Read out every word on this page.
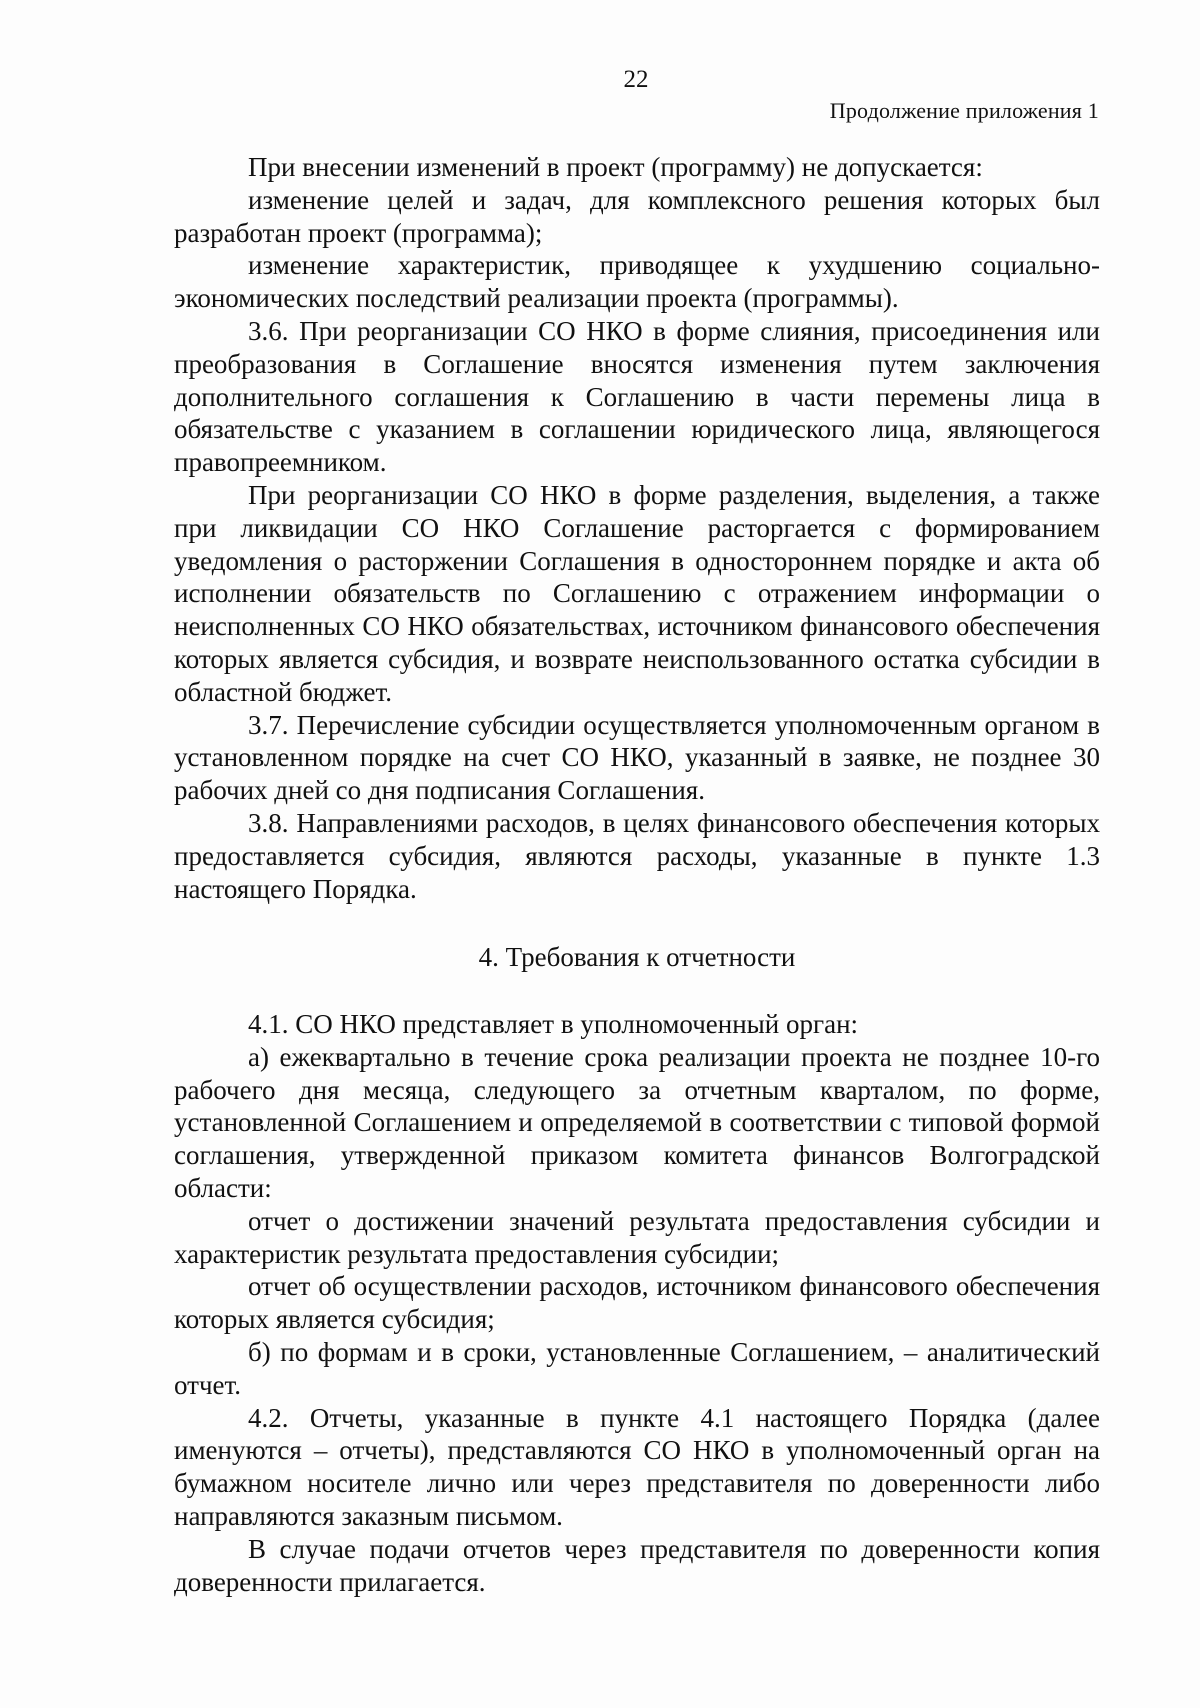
22
Продолжение приложения 1

При внесении изменений в проект (программу) не допускается:

изменение целей и задач, для комплексного решения которых был разработан проект (программа);

изменение характеристик, приводящее к ухудшению социально-экономических последствий реализации проекта (программы).

3.6. При реорганизации СО НКО в форме слияния, присоединения или преобразования в Соглашение вносятся изменения путем заключения дополнительного соглашения к Соглашению в части перемены лица в обязательстве с указанием в соглашении юридического лица, являющегося правопреемником.

При реорганизации СО НКО в форме разделения, выделения, а также при ликвидации СО НКО Соглашение расторгается с формированием уведомления о расторжении Соглашения в одностороннем порядке и акта об исполнении обязательств по Соглашению с отражением информации о неисполненных СО НКО обязательствах, источником финансового обеспечения которых является субсидия, и возврате неиспользованного остатка субсидии в областной бюджет.

3.7. Перечисление субсидии осуществляется уполномоченным органом в установленном порядке на счет СО НКО, указанный в заявке, не позднее 30 рабочих дней со дня подписания Соглашения.

3.8. Направлениями расходов, в целях финансового обеспечения которых предоставляется субсидия, являются расходы, указанные в пункте 1.3 настоящего Порядка.

4. Требования к отчетности

4.1. СО НКО представляет в уполномоченный орган:

а) ежеквартально в течение срока реализации проекта не позднее 10-го рабочего дня месяца, следующего за отчетным кварталом, по форме, установленной Соглашением и определяемой в соответствии с типовой формой соглашения, утвержденной приказом комитета финансов Волгоградской области:

отчет о достижении значений результата предоставления субсидии и характеристик результата предоставления субсидии;

отчет об осуществлении расходов, источником финансового обеспечения которых является субсидия;

б) по формам и в сроки, установленные Соглашением, – аналитический отчет.

4.2. Отчеты, указанные в пункте 4.1 настоящего Порядка (далее именуются – отчеты), представляются СО НКО в уполномоченный орган на бумажном носителе лично или через представителя по доверенности либо направляются заказным письмом.

В случае подачи отчетов через представителя по доверенности копия доверенности прилагается.
